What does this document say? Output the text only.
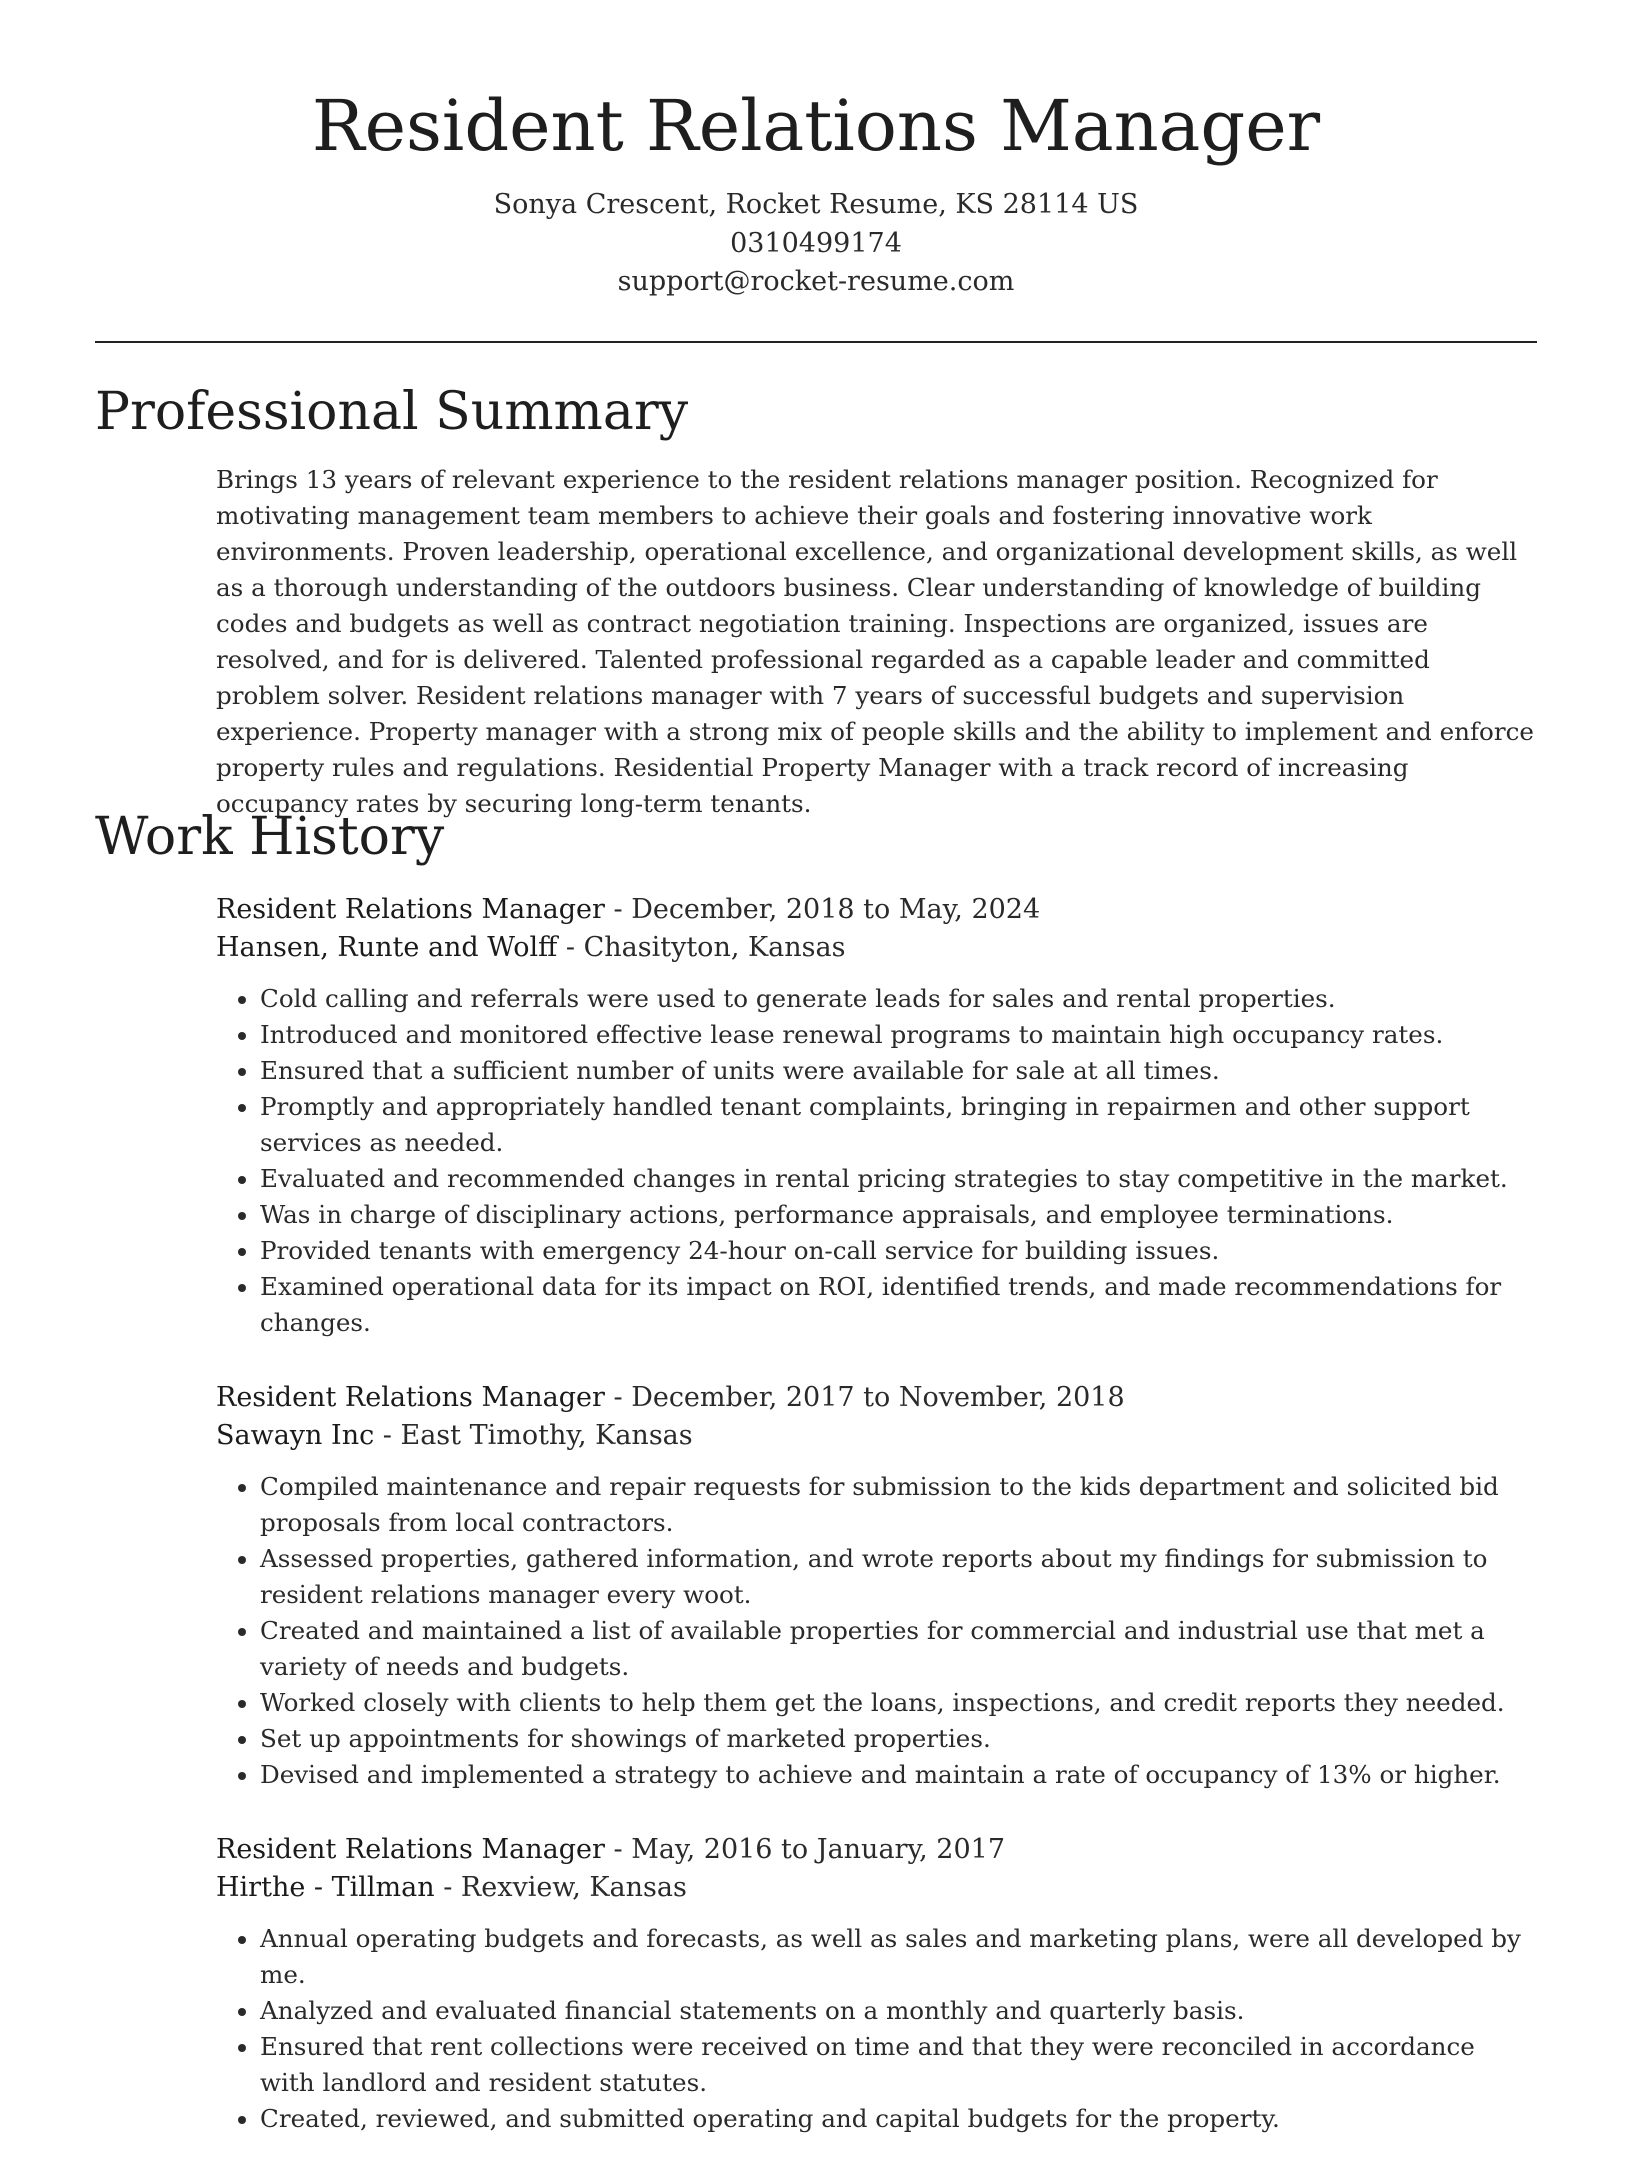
Resident Relations Manager
Sonya Crescent, Rocket Resume, KS 28114 US
0310499174
support@rocket-resume.com
Professional Summary

Brings 13 years of relevant experience to the resident relations manager position. Recognized for motivating management team members to achieve their goals and fostering innovative work environments. Proven leadership, operational excellence, and organizational development skills, as well as a thorough understanding of the outdoors business. Clear understanding of knowledge of building codes and budgets as well as contract negotiation training. Inspections are organized, issues are resolved, and for is delivered. Talented professional regarded as a capable leader and committed problem solver. Resident relations manager with 7 years of successful budgets and supervision experience. Property manager with a strong mix of people skills and the ability to implement and enforce property rules and regulations. Residential Property Manager with a track record of increasing occupancy rates by securing long-term tenants.

Work History
Resident Relations Manager - December, 2018 to May, 2024
Hansen, Runte and Wolff - Chasityton, Kansas
• Cold calling and referrals were used to generate leads for sales and rental properties.
• Introduced and monitored effective lease renewal programs to maintain high occupancy rates.
• Ensured that a sufficient number of units were available for sale at all times.
• Promptly and appropriately handled tenant complaints, bringing in repairmen and other support services as needed.
• Evaluated and recommended changes in rental pricing strategies to stay competitive in the market.
• Was in charge of disciplinary actions, performance appraisals, and employee terminations.
• Provided tenants with emergency 24-hour on-call service for building issues.
• Examined operational data for its impact on ROI, identified trends, and made recommendations for changes.
Resident Relations Manager - December, 2017 to November, 2018
Sawayn Inc - East Timothy, Kansas
• Compiled maintenance and repair requests for submission to the kids department and solicited bid proposals from local contractors.
• Assessed properties, gathered information, and wrote reports about my findings for submission to resident relations manager every woot.
• Created and maintained a list of available properties for commercial and industrial use that met a variety of needs and budgets.
• Worked closely with clients to help them get the loans, inspections, and credit reports they needed.
• Set up appointments for showings of marketed properties.
• Devised and implemented a strategy to achieve and maintain a rate of occupancy of 13% or higher.
Resident Relations Manager - May, 2016 to January, 2017
Hirthe - Tillman - Rexview, Kansas
• Annual operating budgets and forecasts, as well as sales and marketing plans, were all developed by me.
• Analyzed and evaluated financial statements on a monthly and quarterly basis.
• Ensured that rent collections were received on time and that they were reconciled in accordance with landlord and resident statutes.
• Created, reviewed, and submitted operating and capital budgets for the property.
